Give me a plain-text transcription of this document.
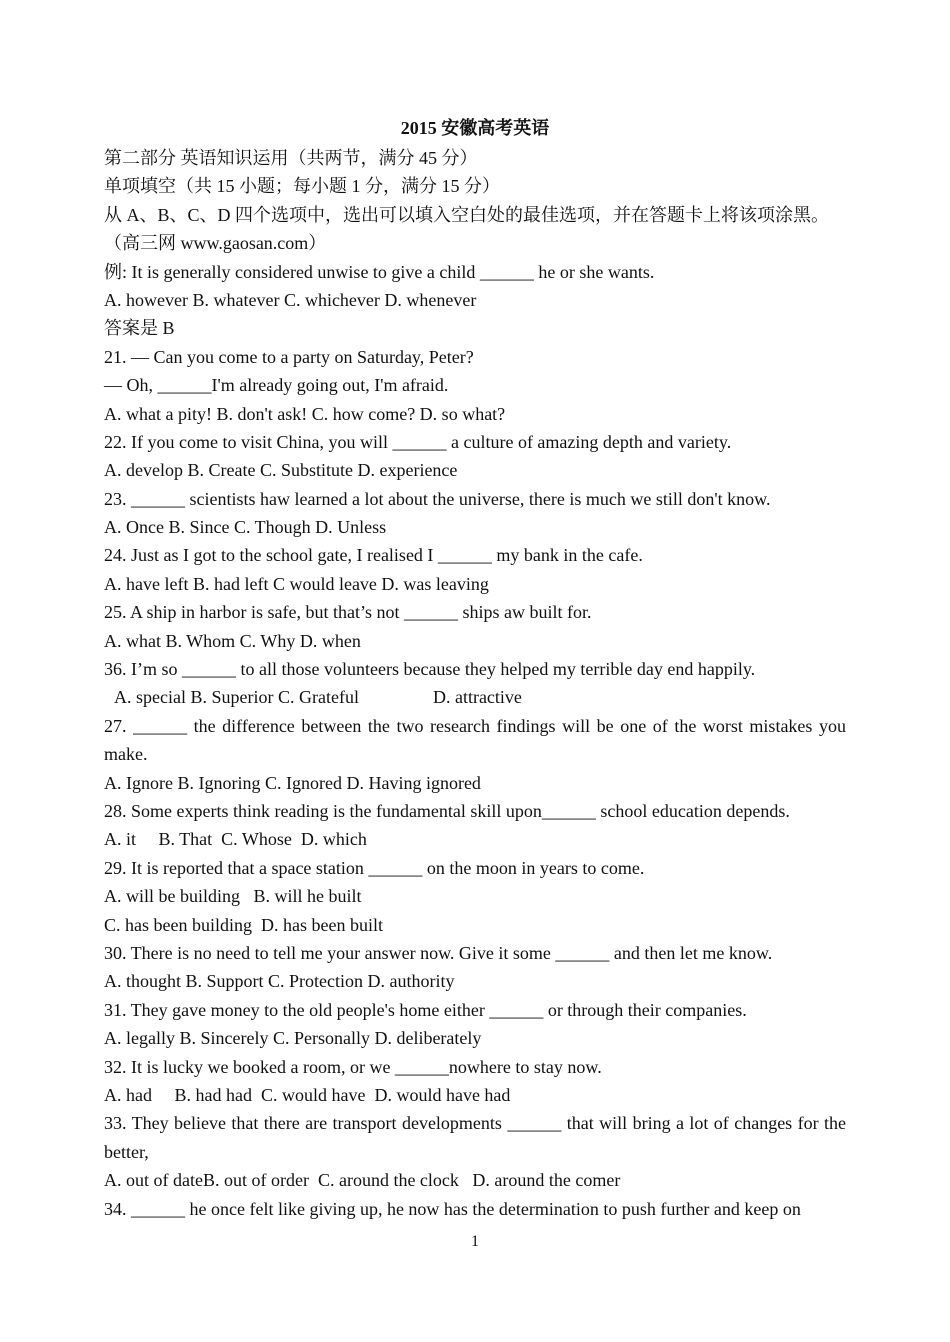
2015 安徽高考英语
第二部分 英语知识运用（共两节，满分 45 分）
单项填空（共 15 小题；每小题 1 分，满分 15 分）
从 A、B、C、D 四个选项中，选出可以填入空白处的最佳选项，并在答题卡上将该项涂黑。
（高三网 www.gaosan.com）
例: It is generally considered unwise to give a child ______ he or she wants.
A. however B. whatever C. whichever D. whenever
答案是 B
21. — Can you come to a party on Saturday, Peter?
— Oh, ______I'm already going out, I'm afraid.
A. what a pity! B. don't ask! C. how come? D. so what?
22. If you come to visit China, you will ______ a culture of amazing depth and variety.
A. develop B. Create C. Substitute D. experience
23. ______ scientists haw learned a lot about the universe, there is much we still don't know.
A. Once B. Since C. Though D. Unless
24. Just as I got to the school gate, I realised I ______ my bank in the cafe.
A. have left B. had left C would leave D. was leaving
25. A ship in harbor is safe, but that’s not ______ ships aw built for.
A. what B. Whom C. Why D. when
36. I’m so ______ to all those volunteers because they helped my terrible day end happily.
A. special B. Superior C. Grateful	D. attractive
27. ______ the difference between the two research findings will be one of the worst mistakes you make.
A. Ignore B. Ignoring C. Ignored D. Having ignored
28. Some experts think reading is the fundamental skill upon______ school education depends.
A. it     B. That  C. Whose  D. which
29. It is reported that a space station ______ on the moon in years to come.
A. will be building   B. will he built
C. has been building  D. has been built
30. There is no need to tell me your answer now. Give it some ______ and then let me know.
A. thought B. Support C. Protection D. authority
31. They gave money to the old people's home either ______ or through their companies.
A. legally B. Sincerely C. Personally D. deliberately
32. It is lucky we booked a room, or we ______nowhere to stay now.
A. had     B. had had  C. would have  D. would have had
33. They believe that there are transport developments ______ that will bring a lot of changes for the better,
A. out of dateB. out of order  C. around the clock   D. around the comer
34. ______ he once felt like giving up, he now has the determination to push further and keep on
1
